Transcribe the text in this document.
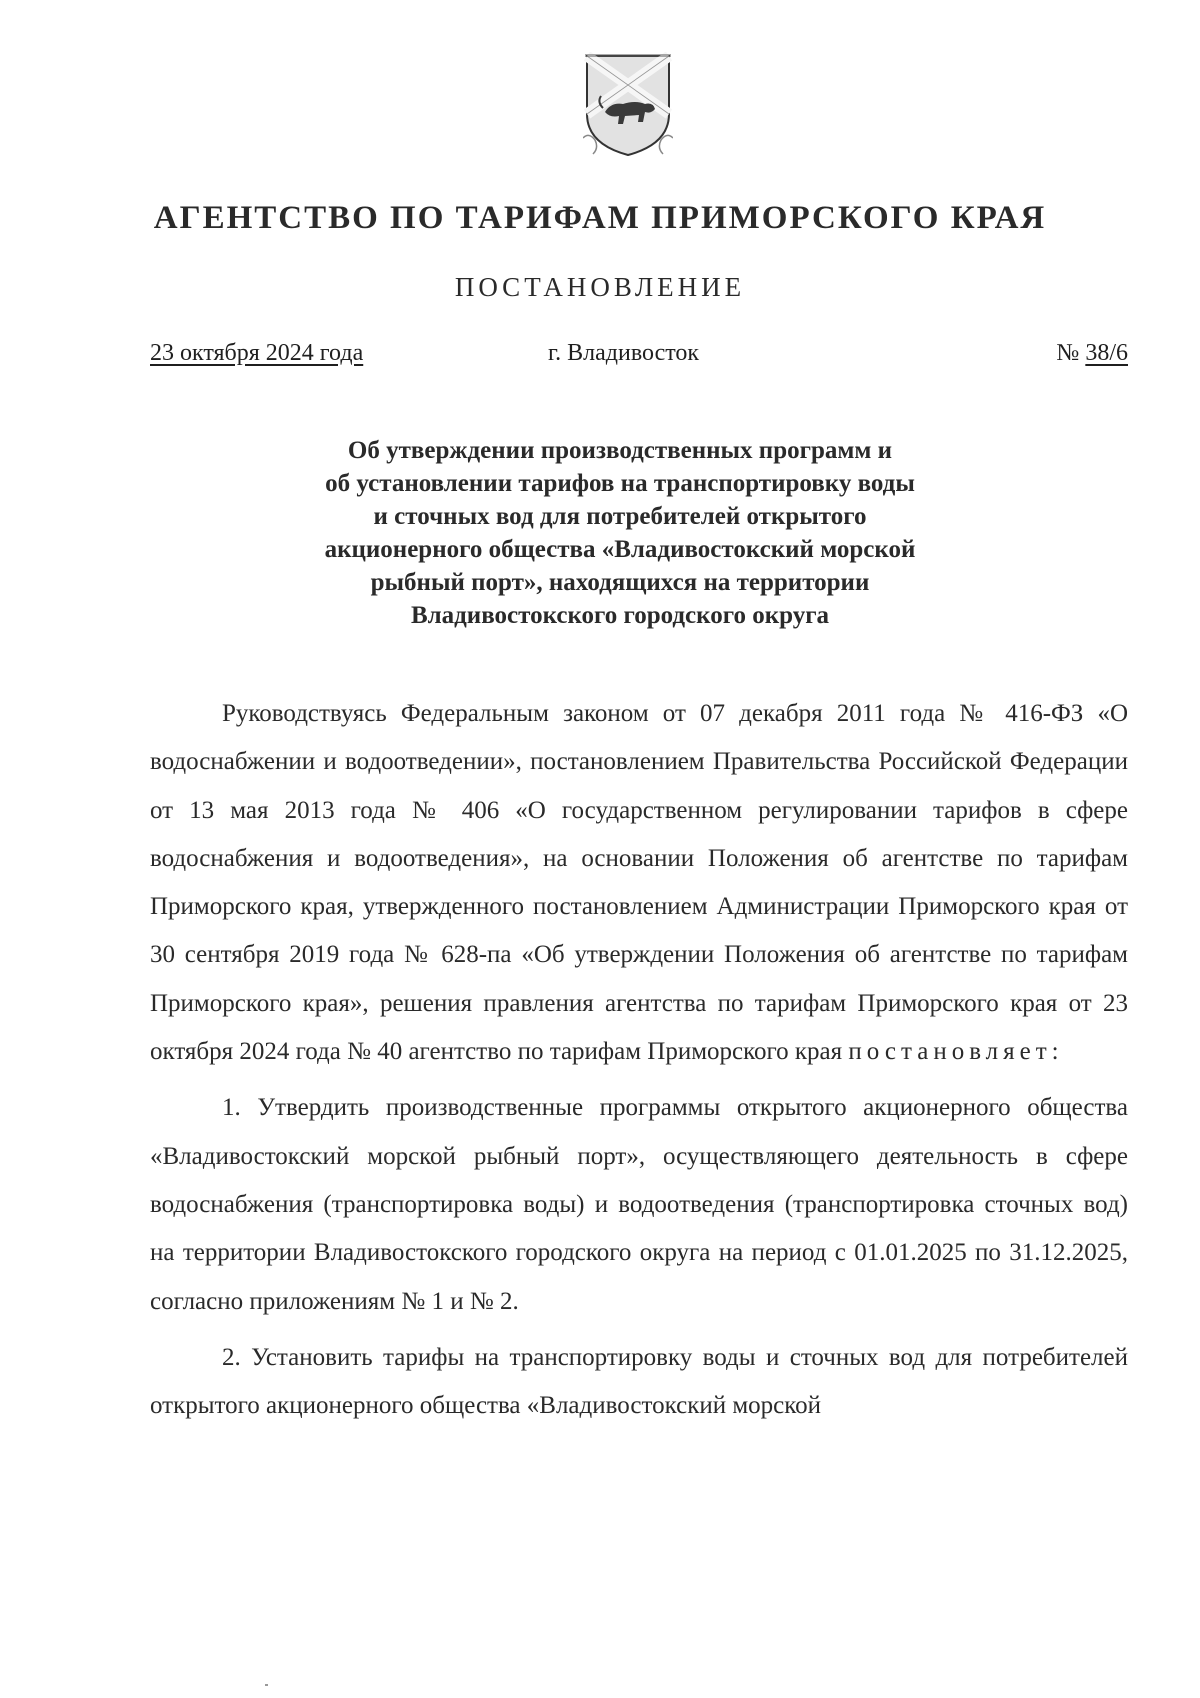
АГЕНТСТВО ПО ТАРИФАМ ПРИМОРСКОГО КРАЯ
ПОСТАНОВЛЕНИЕ
23 октября 2024 года	г. Владивосток	№ 38/6
Об утверждении производственных программ и
об установлении тарифов на транспортировку воды
и сточных вод для потребителей открытого
акционерного общества «Владивостокский морской
рыбный порт», находящихся на территории
Владивостокского городского округа

Руководствуясь Федеральным законом от 07 декабря 2011 года № 416-ФЗ «О водоснабжении и водоотведении», постановлением Правительства Российской Федерации от 13 мая 2013 года № 406 «О государственном регулировании тарифов в сфере водоснабжения и водоотведения», на основании Положения об агентстве по тарифам Приморского края, утвержденного постановлением Администрации Приморского края от 30 сентября 2019 года № 628-па «Об утверждении Положения об агентстве по тарифам Приморского края», решения правления агентства по тарифам Приморского края от 23 октября 2024 года № 40 агентство по тарифам Приморского края постановляет:

1. Утвердить производственные программы открытого акционерного общества «Владивостокский морской рыбный порт», осуществляющего деятельность в сфере водоснабжения (транспортировка воды) и водоотведения (транспортировка сточных вод) на территории Владивостокского городского округа на период с 01.01.2025 по 31.12.2025, согласно приложениям № 1 и № 2.

2. Установить тарифы на транспортировку воды и сточных вод для потребителей открытого акционерного общества «Владивостокский морской
